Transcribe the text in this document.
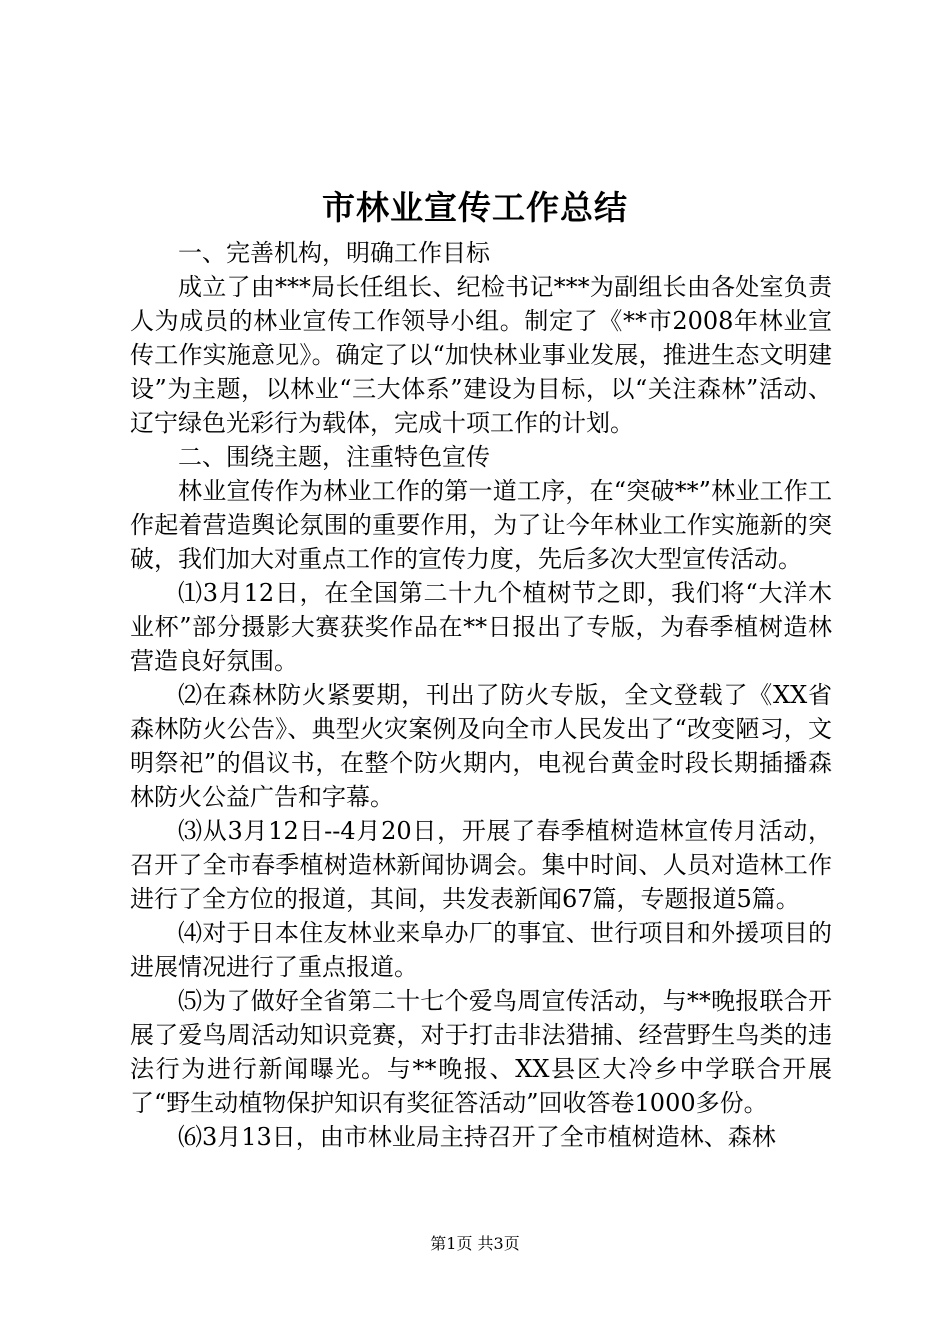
市林业宣传工作总结

一、完善机构，明确工作目标

成立了由***局长任组长、纪检书记***为副组长由各处室负责人为成员的林业宣传工作领导小组。制定了《**市2008年林业宣传工作实施意见》。确定了以“加快林业事业发展，推进生态文明建设”为主题，以林业“三大体系”建设为目标，以“关注森林”活动、辽宁绿色光彩行为载体，完成十项工作的计划。

二、围绕主题，注重特色宣传

林业宣传作为林业工作的第一道工序，在“突破**”林业工作工作起着营造舆论氛围的重要作用，为了让今年林业工作实施新的突破，我们加大对重点工作的宣传力度，先后多次大型宣传活动。

⑴3月12日，在全国第二十九个植树节之即，我们将“大洋木业杯”部分摄影大赛获奖作品在**日报出了专版，为春季植树造林营造良好氛围。

⑵在森林防火紧要期，刊出了防火专版，全文登载了《XX省森林防火公告》、典型火灾案例及向全市人民发出了“改变陋习，文明祭祀”的倡议书，在整个防火期内，电视台黄金时段长期插播森林防火公益广告和字幕。

⑶从3月12日--4月20日，开展了春季植树造林宣传月活动，召开了全市春季植树造林新闻协调会。集中时间、人员对造林工作进行了全方位的报道，其间，共发表新闻67篇，专题报道5篇。

⑷对于日本住友林业来阜办厂的事宜、世行项目和外援项目的进展情况进行了重点报道。

⑸为了做好全省第二十七个爱鸟周宣传活动，与**晚报联合开展了爱鸟周活动知识竞赛，对于打击非法猎捕、经营野生鸟类的违法行为进行新闻曝光。与**晚报、XX县区大冷乡中学联合开展了“野生动植物保护知识有奖征答活动”回收答卷1000多份。

⑹3月13日，由市林业局主持召开了全市植树造林、森林

第1页 共3页
